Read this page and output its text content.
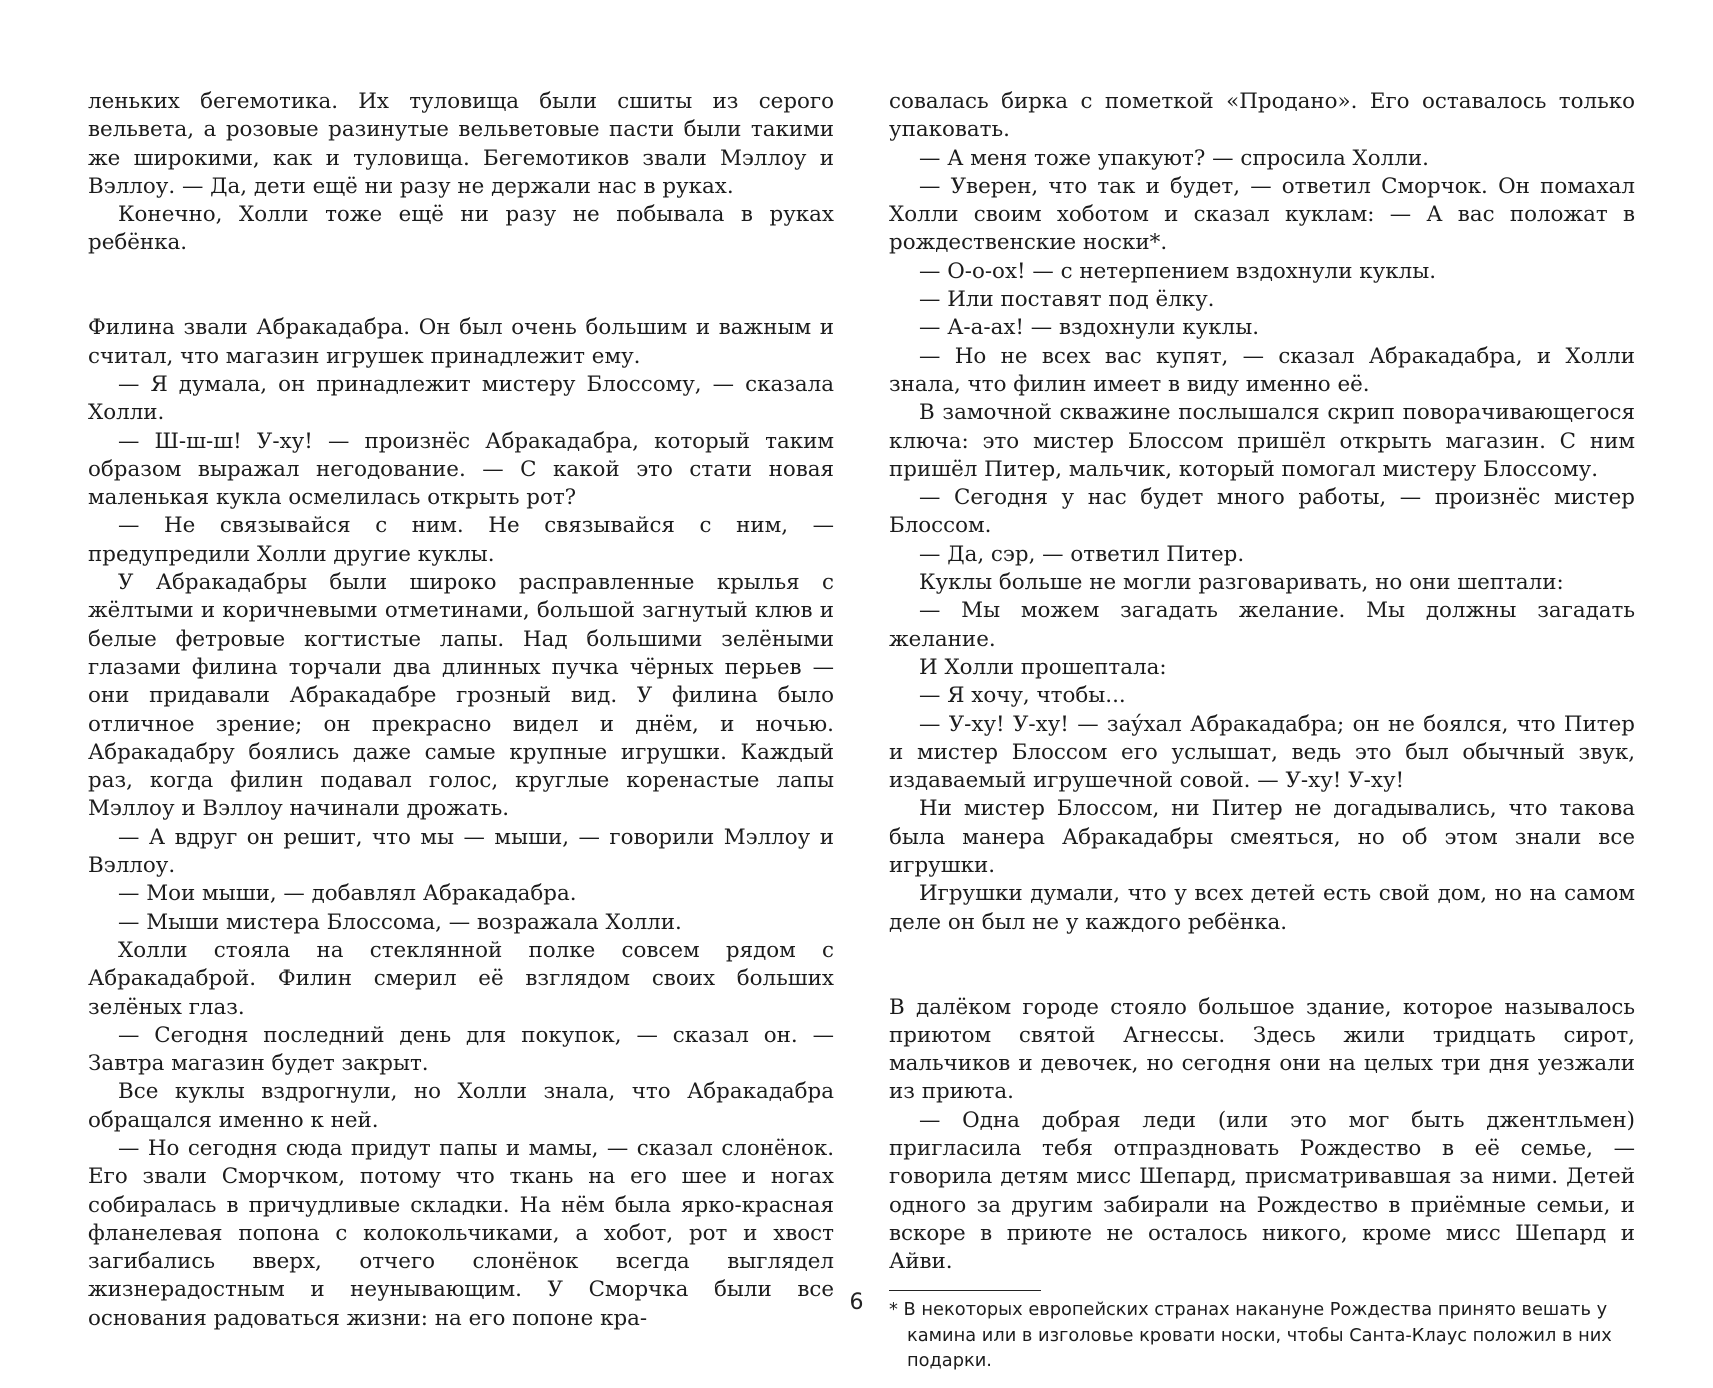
леньких бегемотика. Их туловища были сшиты из серого вельвета, а розовые разинутые вельветовые пасти были такими же широкими, как и туловища. Бегемотиков звали Мэллоу и Вэллоу. — Да, дети ещё ни разу не держали нас в руках.

Конечно, Холли тоже ещё ни разу не побывала в руках ребёнка.

Филина звали Абракадабра. Он был очень большим и важным и считал, что магазин игрушек принадлежит ему.

— Я думала, он принадлежит мистеру Блоссому, — сказала Холли.

— Ш-ш-ш! У-ху! — произнёс Абракадабра, который таким образом выражал негодование. — С какой это стати новая маленькая кукла осмелилась открыть рот?

— Не связывайся с ним. Не связывайся с ним, — предупредили Холли другие куклы.

У Абракадабры были широко расправленные крылья с жёлтыми и коричневыми отметинами, большой загнутый клюв и белые фетровые когтистые лапы. Над большими зелёными глазами филина торчали два длинных пучка чёрных перьев — они придавали Абракадабре грозный вид. У филина было отличное зрение; он прекрасно видел и днём, и ночью. Абракадабру боялись даже самые крупные игрушки. Каждый раз, когда филин подавал голос, круглые коренастые лапы Мэллоу и Вэллоу начинали дрожать.

— А вдруг он решит, что мы — мыши, — говорили Мэллоу и Вэллоу.

— Мои мыши, — добавлял Абракадабра.

— Мыши мистера Блоссома, — возражала Холли.

Холли стояла на стеклянной полке совсем рядом с Абракадаброй. Филин смерил её взглядом своих больших зелёных глаз.

— Сегодня последний день для покупок, — сказал он. — Завтра магазин будет закрыт.

Все куклы вздрогнули, но Холли знала, что Абракадабра обращался именно к ней.

— Но сегодня сюда придут папы и мамы, — сказал слонёнок. Его звали Сморчком, потому что ткань на его шее и ногах собиралась в причудливые складки. На нём была ярко-красная фланелевая попона с колокольчиками, а хобот, рот и хвост загибались вверх, отчего слонёнок всегда выглядел жизнерадостным и неунывающим. У Сморчка были все основания радоваться жизни: на его попоне кра-

совалась бирка с пометкой «Продано». Его оставалось только упаковать.

— А меня тоже упакуют? — спросила Холли.

— Уверен, что так и будет, — ответил Сморчок. Он помахал Холли своим хоботом и сказал куклам: — А вас положат в рождественские носки*.

— О-о-ох! — с нетерпением вздохнули куклы.

— Или поставят под ёлку.

— А-а-ах! — вздохнули куклы.

— Но не всех вас купят, — сказал Абракадабра, и Холли знала, что филин имеет в виду именно её.

В замочной скважине послышался скрип поворачивающегося ключа: это мистер Блоссом пришёл открыть магазин. С ним пришёл Питер, мальчик, который помогал мистеру Блоссому.

— Сегодня у нас будет много работы, — произнёс мистер Блоссом.

— Да, сэр, — ответил Питер.

Куклы больше не могли разговаривать, но они шептали:

— Мы можем загадать желание. Мы должны загадать желание.

И Холли прошептала:

— Я хочу, чтобы...

— У-ху! У-ху! — заýхал Абракадабра; он не боялся, что Питер и мистер Блоссом его услышат, ведь это был обычный звук, издаваемый игрушечной совой. — У-ху! У-ху!

Ни мистер Блоссом, ни Питер не догадывались, что такова была манера Абракадабры смеяться, но об этом знали все игрушки.

Игрушки думали, что у всех детей есть свой дом, но на самом деле он был не у каждого ребёнка.

В далёком городе стояло большое здание, которое называлось приютом святой Агнессы. Здесь жили тридцать сирот, мальчиков и девочек, но сегодня они на целых три дня уезжали из приюта.

— Одна добрая леди (или это мог быть джентльмен) пригласила тебя отпраздновать Рождество в её семье, — говорила детям мисс Шепард, присматривавшая за ними. Детей одного за другим забирали на Рождество в приёмные семьи, и вскоре в приюте не осталось никого, кроме мисс Шепард и Айви.

* В некоторых европейских странах накануне Рождества принято вешать у камина или в изголовье кровати носки, чтобы Санта-Клаус положил в них подарки.
6
